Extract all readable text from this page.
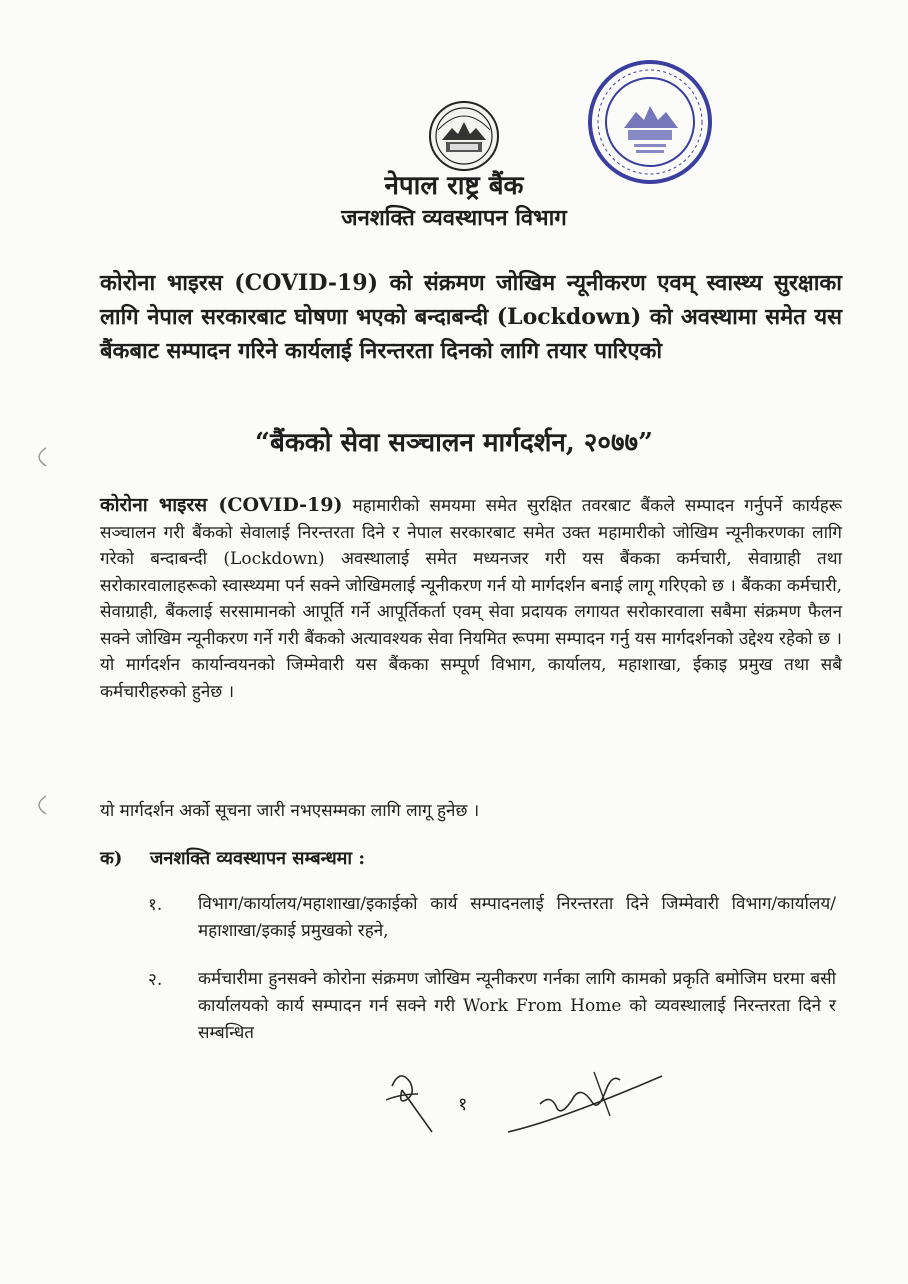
नेपाल राष्ट्र बैंक
जनशक्ति व्यवस्थापन विभाग
कोरोना भाइरस (COVID-19) को संक्रमण जोखिम न्यूनीकरण एवम् स्वास्थ्य सुरक्षाका लागि नेपाल सरकारबाट घोषणा भएको बन्दाबन्दी (Lockdown) को अवस्थामा समेत यस बैंकबाट सम्पादन गरिने कार्यलाई निरन्तरता दिनको लागि तयार पारिएको
“बैंकको सेवा सञ्चालन मार्गदर्शन, २०७७”
कोरोना भाइरस (COVID-19) महामारीको समयमा समेत सुरक्षित तवरबाट बैंकले सम्पादन गर्नुपर्ने कार्यहरू सञ्चालन गरी बैंकको सेवालाई निरन्तरता दिने र नेपाल सरकारबाट समेत उक्त महामारीको जोखिम न्यूनीकरणका लागि गरेको बन्दाबन्दी (Lockdown) अवस्थालाई समेत मध्यनजर गरी यस बैंकका कर्मचारी, सेवाग्राही तथा सरोकारवालाहरूको स्वास्थ्यमा पर्न सक्ने जोखिमलाई न्यूनीकरण गर्न यो मार्गदर्शन बनाई लागू गरिएको छ । बैंकका कर्मचारी, सेवाग्राही, बैंकलाई सरसामानको आपूर्ति गर्ने आपूर्तिकर्ता एवम् सेवा प्रदायक लगायत सरोकारवाला सबैमा संक्रमण फैलन सक्ने जोखिम न्यूनीकरण गर्ने गरी बैंकको अत्यावश्यक सेवा नियमित रूपमा सम्पादन गर्नु यस मार्गदर्शनको उद्देश्य रहेको छ । यो मार्गदर्शन कार्यान्वयनको जिम्मेवारी यस बैंकका सम्पूर्ण विभाग, कार्यालय, महाशाखा, ईकाइ प्रमुख तथा सबै कर्मचारीहरुको हुनेछ ।
यो मार्गदर्शन अर्को सूचना जारी नभएसम्मका लागि लागू हुनेछ ।
क) जनशक्ति व्यवस्थापन सम्बन्धमा :
१. विभाग/कार्यालय/महाशाखा/इकाईको कार्य सम्पादनलाई निरन्तरता दिने जिम्मेवारी विभाग/कार्यालय/महाशाखा/इकाई प्रमुखको रहने,
२. कर्मचारीमा हुनसक्ने कोरोना संक्रमण जोखिम न्यूनीकरण गर्नका लागि कामको प्रकृति बमोजिम घरमा बसी कार्यालयको कार्य सम्पादन गर्न सक्ने गरी Work From Home को व्यवस्थालाई निरन्तरता दिने र सम्बन्धित
१
